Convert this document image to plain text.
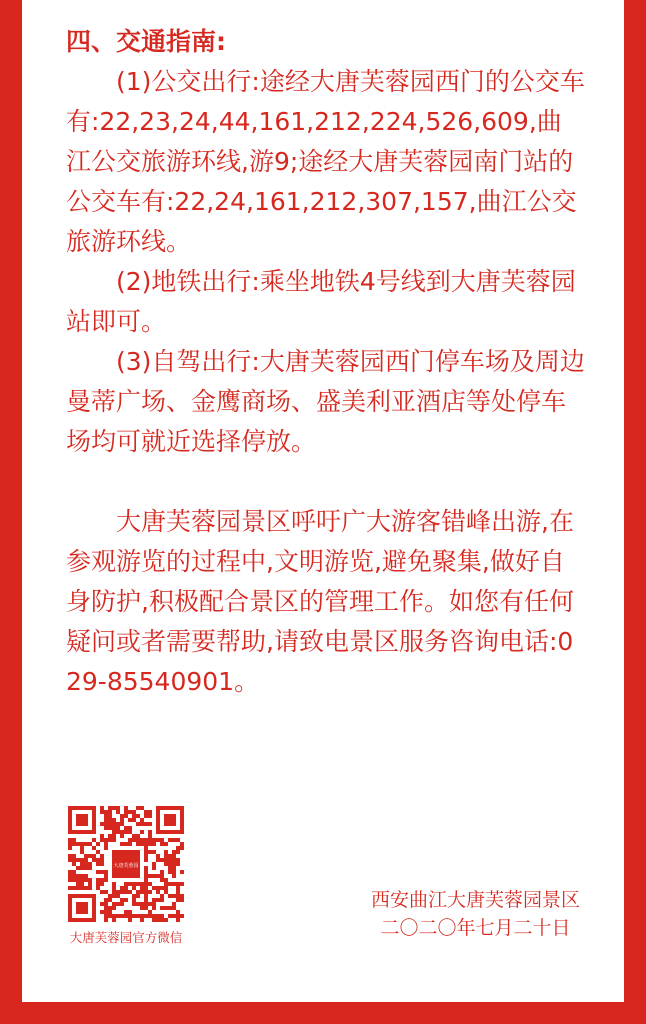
四、交通指南:

(1)公交出行:途经大唐芙蓉园西门的公交车有:22,23,24,44,161,212,224,526,609,曲江公交旅游环线,游9;途经大唐芙蓉园南门站的公交车有:22,24,161,212,307,157,曲江公交旅游环线。

(2)地铁出行:乘坐地铁4号线到大唐芙蓉园站即可。

(3)自驾出行:大唐芙蓉园西门停车场及周边曼蒂广场、金鹰商场、盛美利亚酒店等处停车场均可就近选择停放。

大唐芙蓉园景区呼吁广大游客错峰出游,在参观游览的过程中,文明游览,避免聚集,做好自身防护,积极配合景区的管理工作。如您有任何疑问或者需要帮助,请致电景区服务咨询电话:029-85540901。

大唐芙蓉园
大唐芙蓉园官方微信
西安曲江大唐芙蓉园景区
二〇二〇年七月二十日
